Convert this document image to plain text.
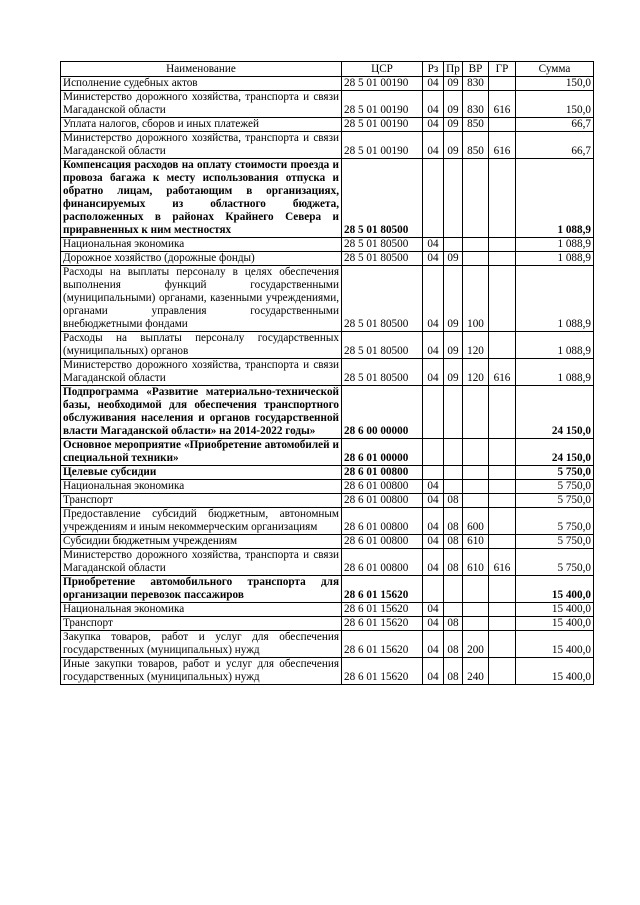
Наименование	ЦСР	Рз	Пр	ВР	ГР	Сумма
Исполнение судебных актов	28 5 01 00190	04	09	830		150,0
Министерство дорожного хозяйства, транспорта и связи Магаданской области	28 5 01 00190	04	09	830	616	150,0
Уплата налогов, сборов и иных платежей	28 5 01 00190	04	09	850		66,7
Министерство дорожного хозяйства, транспорта и связи Магаданской области	28 5 01 00190	04	09	850	616	66,7
Компенсация расходов на оплату стоимости проезда и провоза багажа к месту использования отпуска и обратно лицам, работающим в организациях, финансируемых из областного бюджета, расположенных в районах Крайнего Севера и приравненных к ним местностях	28 5 01 80500					1 088,9
Национальная экономика	28 5 01 80500	04				1 088,9
Дорожное хозяйство (дорожные фонды)	28 5 01 80500	04	09			1 088,9
Расходы на выплаты персоналу в целях обеспечения выполнения функций государственными (муниципальными) органами, казенными учреждениями, органами управления государственными внебюджетными фондами	28 5 01 80500	04	09	100		1 088,9
Расходы на выплаты персоналу государственных (муниципальных) органов	28 5 01 80500	04	09	120		1 088,9
Министерство дорожного хозяйства, транспорта и связи Магаданской области	28 5 01 80500	04	09	120	616	1 088,9
Подпрограмма «Развитие материально-технической базы, необходимой для обеспечения транспортного обслуживания населения и органов государственной власти Магаданской области» на 2014-2022 годы»	28 6 00 00000					24 150,0
Основное мероприятие «Приобретение автомобилей и специальной техники»	28 6 01 00000					24 150,0
Целевые субсидии	28 6 01 00800					5 750,0
Национальная экономика	28 6 01 00800	04				5 750,0
Транспорт	28 6 01 00800	04	08			5 750,0
Предоставление субсидий бюджетным, автономным учреждениям и иным некоммерческим организациям	28 6 01 00800	04	08	600		5 750,0
Субсидии бюджетным учреждениям	28 6 01 00800	04	08	610		5 750,0
Министерство дорожного хозяйства, транспорта и связи Магаданской области	28 6 01 00800	04	08	610	616	5 750,0
Приобретение автомобильного транспорта для организации перевозок пассажиров	28 6 01 15620					15 400,0
Национальная экономика	28 6 01 15620	04				15 400,0
Транспорт	28 6 01 15620	04	08			15 400,0
Закупка товаров, работ и услуг для обеспечения государственных (муниципальных) нужд	28 6 01 15620	04	08	200		15 400,0
Иные закупки товаров, работ и услуг для обеспечения государственных (муниципальных) нужд	28 6 01 15620	04	08	240		15 400,0
